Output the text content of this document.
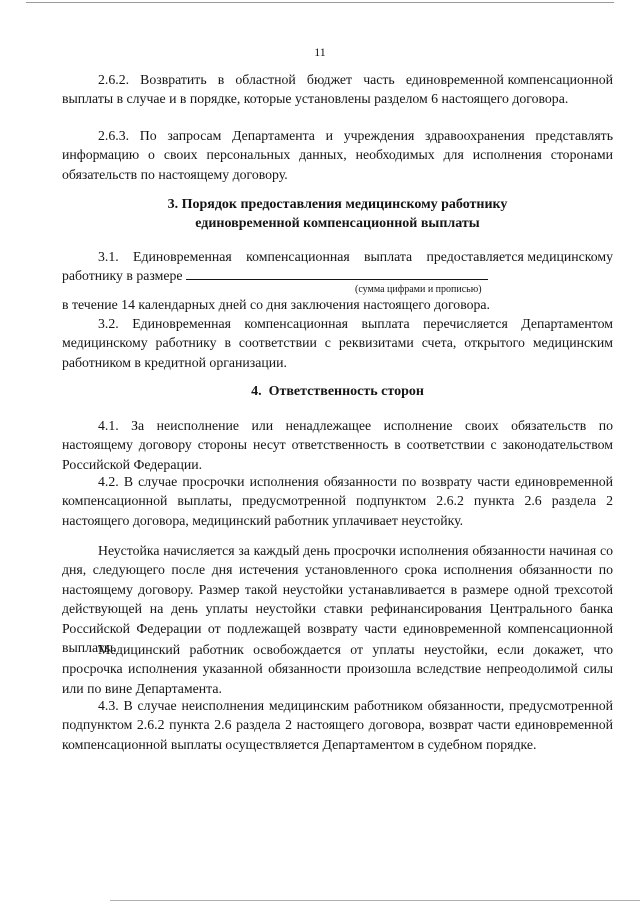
11

2.6.2.   Возвратить   в   областной   бюджет   часть   единовременной компенсационной выплаты в случае и в порядке, которые установлены разделом 6 настоящего договора.

2.6.3. По запросам Департамента и учреждения здравоохранения представлять информацию о своих персональных данных, необходимых для исполнения сторонами обязательств по настоящему договору.

3. Порядок предоставления медицинскому работнику
единовременной компенсационной выплаты

3.1.    Единовременная    компенсационная    выплата    предоставляется медицинскому работнику в размере

(сумма цифрами и прописью)

в течение 14 календарных дней со дня заключения настоящего договора.

3.2. Единовременная компенсационная выплата перечисляется Департаментом медицинскому работнику в соответствии с реквизитами счета, открытого медицинским работником в кредитной организации.

4.  Ответственность сторон

4.1. За неисполнение или ненадлежащее исполнение своих обязательств по настоящему договору стороны несут ответственность в соответствии с законодательством Российской Федерации.

4.2. В случае просрочки исполнения обязанности по возврату части единовременной компенсационной выплаты, предусмотренной подпунктом 2.6.2 пункта 2.6 раздела 2 настоящего договора, медицинский работник уплачивает неустойку.

Неустойка начисляется за каждый день просрочки исполнения обязанности начиная со дня, следующего после дня истечения установленного срока исполнения обязанности по настоящему договору. Размер такой неустойки устанавливается в размере одной трехсотой действующей на день уплаты неустойки ставки рефинансирования Центрального банка Российской Федерации от подлежащей возврату части единовременной компенсационной выплаты.

Медицинский работник освобождается от уплаты неустойки, если докажет, что просрочка исполнения указанной обязанности произошла вследствие непреодолимой силы или по вине Департамента.

4.3. В случае неисполнения медицинским работником обязанности, предусмотренной подпунктом 2.6.2 пункта 2.6 раздела 2 настоящего договора, возврат части единовременной компенсационной выплаты осуществляется Департаментом в судебном порядке.
